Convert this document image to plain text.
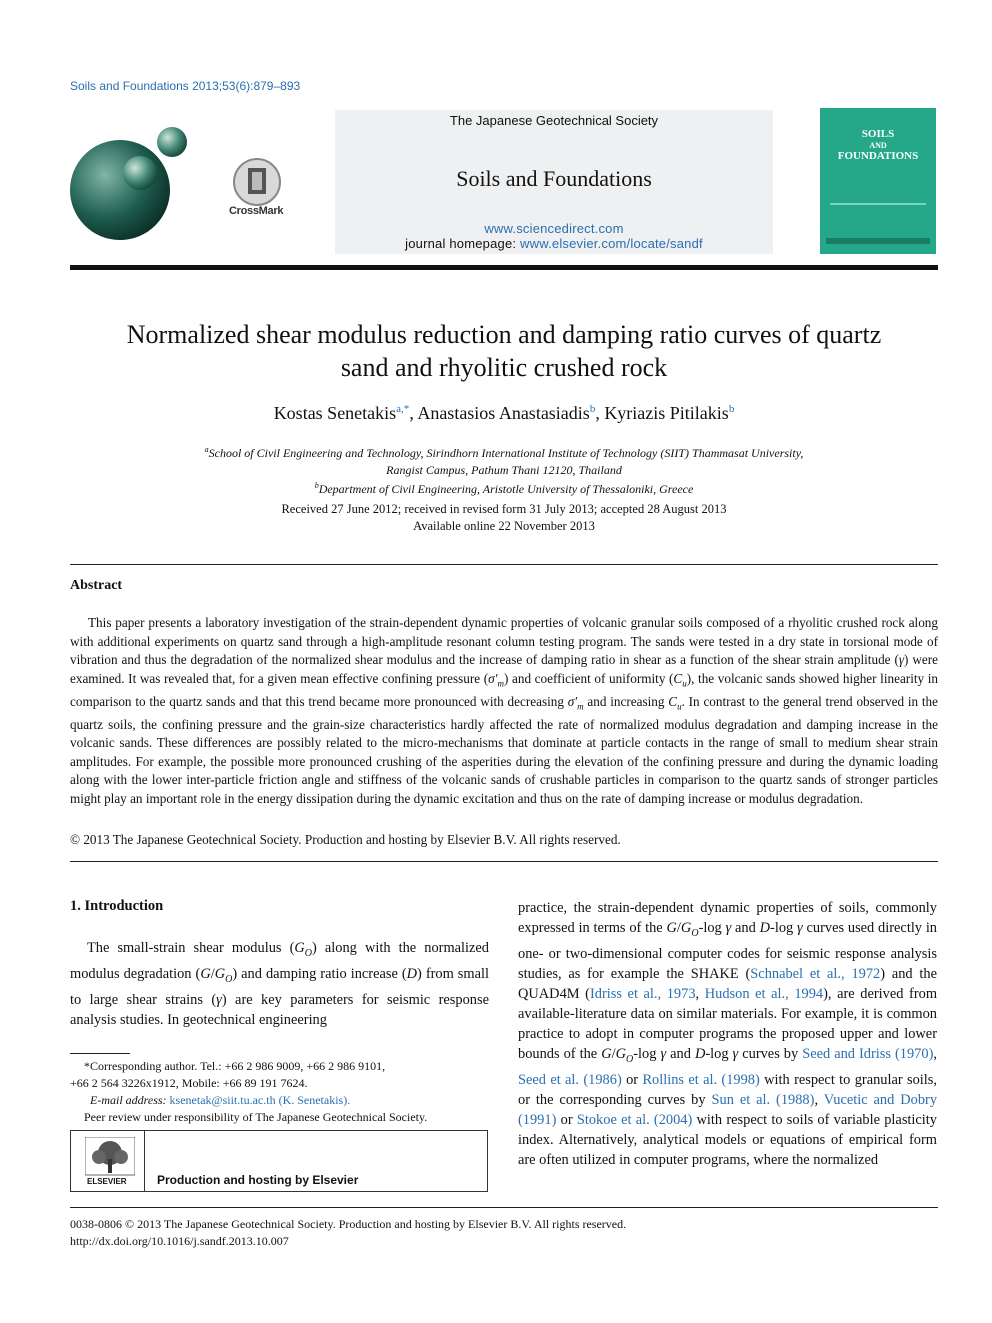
Soils and Foundations 2013;53(6):879–893
CrossMark
The Japanese Geotechnical Society
Soils and Foundations
www.sciencedirect.com
journal homepage: www.elsevier.com/locate/sandf
SOILS
AND
FOUNDATIONS
Normalized shear modulus reduction and damping ratio curves of quartz
sand and rhyolitic crushed rock
Kostas Senetakis$^{a,*}$, Anastasios Anastasiadis$^b$, Kyriazis Pitilakis$^b$
$^a$School of Civil Engineering and Technology, Sirindhorn International Institute of Technology (SIIT) Thammasat University,
Rangist Campus, Pathum Thani 12120, Thailand
$^b$Department of Civil Engineering, Aristotle University of Thessaloniki, Greece
Received 27 June 2012; received in revised form 31 July 2013; accepted 28 August 2013
Available online 22 November 2013
Abstract
This paper presents a laboratory investigation of the strain-dependent dynamic properties of volcanic granular soils composed of a rhyolitic crushed rock along with additional experiments on quartz sand through a high-amplitude resonant column testing program. The sands were tested in a dry state in torsional mode of vibration and thus the degradation of the normalized shear modulus and the increase of damping ratio in shear as a function of the shear strain amplitude (γ) were examined. It was revealed that, for a given mean effective confining pressure $(\sigma'_m)$ and coefficient of uniformity $(C_u)$, the volcanic sands showed higher linearity in comparison to the quartz sands and that this trend became more pronounced with decreasing $\sigma'_m$ and increasing $C_u$. In contrast to the general trend observed in the quartz soils, the confining pressure and the grain-size characteristics hardly affected the rate of normalized modulus degradation and damping increase in the volcanic sands. These differences are possibly related to the micro-mechanisms that dominate at particle contacts in the range of small to medium shear strain amplitudes. For example, the possible more pronounced crushing of the asperities during the elevation of the confining pressure and during the dynamic loading along with the lower inter-particle friction angle and stiffness of the volcanic sands of crushable particles in comparison to the quartz sands of stronger particles might play an important role in the energy dissipation during the dynamic excitation and thus on the rate of damping increase or modulus degradation.
© 2013 The Japanese Geotechnical Society. Production and hosting by Elsevier B.V. All rights reserved.
1. Introduction
The small-strain shear modulus $(G_O)$ along with the normalized modulus degradation $(G/G_O)$ and damping ratio increase (D) from small to large shear strains (γ) are key parameters for seismic response analysis studies. In geotechnical engineering
practice, the strain-dependent dynamic properties of soils, commonly expressed in terms of the $G/G_O-\log$ γ and D-log γ curves used directly in one- or two-dimensional computer codes for seismic response analysis studies, as for example the SHAKE (Schnabel et al., 1972) and the QUAD4M (Idriss et al., 1973, Hudson et al., 1994), are derived from available-literature data on similar materials. For example, it is common practice to adopt in computer programs the proposed upper and lower bounds of the $G/G_O-\log$ γ and D-log γ curves by Seed and Idriss (1970), Seed et al. (1986) or Rollins et al. (1998) with respect to granular soils, or the corresponding curves by Sun et al. (1988), Vucetic and Dobry (1991) or Stokoe et al. (2004) with respect to soils of variable plasticity index. Alternatively, analytical models or equations of empirical form are often utilized in computer programs, where the normalized
*Corresponding author. Tel.: +66 2 986 9009, +66 2 986 9101,
+66 2 564 3226x1912, Mobile: +66 89 191 7624.
E-mail address: ksenetak@siit.tu.ac.th (K. Senetakis).
Peer review under responsibility of The Japanese Geotechnical Society.
ELSEVIER	Production and hosting by Elsevier
0038-0806 © 2013 The Japanese Geotechnical Society. Production and hosting by Elsevier B.V. All rights reserved.
http://dx.doi.org/10.1016/j.sandf.2013.10.007
